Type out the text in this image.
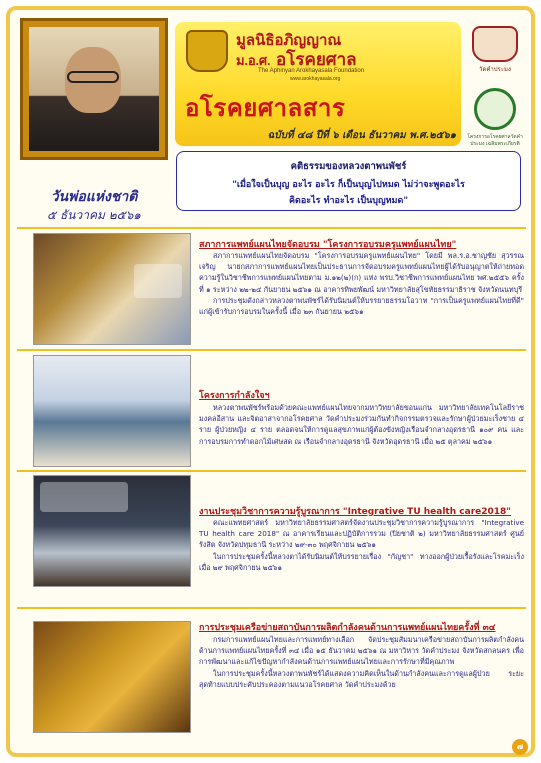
วันพ่อแห่งชาติ
๕ ธันวาคม ๒๕๖๑
มูลนิธิอภิญญาณ
ม.อ.ศ. อโรคยศาล
The Aphinyan Arokhayasala Foundation
www.arokhayasala.org
อโรคยศาลสาร
ฉบับที่ ๔๘ ปีที่ ๖ เดือน ธันวาคม พ.ศ.๒๕๖๑
วัดคำประมง
โครงการอโรคยศาลวัดคำประมง เฉลิมพระเกียรติ
คติธรรมของหลวงตาพนพัชร์
"เมื่อใจเป็นบุญ อะไร อะไร ก็เป็นบุญไปหมด ไม่ว่าจะพูดอะไร
คิดอะไร ทำอะไร เป็นบุญหมด"
สภาการแพทย์แผนไทยจัดอบรม "โครงการอบรมครูแพทย์แผนไทย"

สภาการแพทย์แผนไทยจัดอบรม "โครงการอบรมครูแพทย์แผนไทย" โดยมี พล.ร.อ.ชาญชัย สุวรรณเจริญ นายกสภาการแพทย์แผนไทยเป็นประธานการจัดอบรมครูแพทย์แผนไทยผู้ได้รับอนุญาตให้ถ่ายทอดความรู้ในวิชาชีพการแพทย์แผนไทยตาม ม.๑๒(๒)(ก) แห่ง พรบ.วิชาชีพการแพทย์แผนไทย พศ.๒๕๕๖ ครั้งที่ ๑ ระหว่าง ๒๒-๒๔ กันยายน ๒๕๖๑ ณ อาคารทิพยพัฒน์ มหาวิทยาลัยสุโขทัยธรรมาธิราช จังหวัดนนทบุรี

การประชุมดังกล่าวหลวงตาพนพัชร์ได้รับนิมนต์ให้บรรยายธรรมโอวาท "การเป็นครูแพทย์แผนไทยที่ดี" แก่ผู้เข้ารับการอบรมในครั้งนี้ เมื่อ ๒๓ กันยายน ๒๕๖๑

โครงการกำลังใจฯ

หลวงตาพนพัชร์พร้อมด้วยคณะแพทย์แผนไทยจากมหาวิทยาลัยขอนแก่น มหาวิทยาลัยเทคโนโลยีราชมงคลอีสาน และจิตอาสาจากอโรคยศาล วัดคำประมงร่วมกันทำกิจกรรมตรวจและรักษาผู้ป่วยมะเร็งชาย ๔ ราย ผู้ป่วยหญิง ๔ ราย ตลอดจนให้การดูแลสุขภาพแก่ผู้ต้องขังหญิงเรือนจำกลางอุดรธานี ๑๐๙ คน และการอบรมการทำดอกไม้เศษสด ณ เรือนจำกลางอุดรธานี จังหวัดอุดรธานี เมื่อ ๒๕ ตุลาคม ๒๕๖๑

งานประชุมวิชาการความรู้บูรณาการ "Integrative TU health care2018"

คณะแพทยศาสตร์ มหาวิทยาลัยธรรมศาสตร์จัดงานประชุมวิชาการความรู้บูรณาการ "Integrative TU health care 2018" ณ อาคารเรียนและปฏิบัติการรวม (ปิยชาติ ๒) มหาวิทยาลัยธรรมศาสตร์ ศูนย์รังสิต จังหวัดปทุมธานี ระหว่าง ๒๙-๓๐ พฤศจิกายน ๒๕๖๑

ในการประชุมครั้งนี้หลวงตาได้รับนิมนต์ให้บรรยายเรื่อง "กัญชา" ทางออกผู้ป่วยเรื้อรังและโรคมะเร็ง เมื่อ ๒๙ พฤศจิกายน ๒๕๖๑

การประชุมเครือข่ายสถาบันการผลิตกำลังคนด้านการแพทย์แผนไทยครั้งที่ ๓๔

กรมการแพทย์แผนไทยและการแพทย์ทางเลือก จัดประชุมสัมมนาเครือข่ายสถาบันการผลิตกำลังคนด้านการแพทย์แผนไทยครั้งที่ ๓๔ เมื่อ ๑๕ ธันวาคม ๒๕๖๑ ณ มหาวิหาร วัดคำประมง จังหวัดสกลนคร เพื่อการพัฒนาและแก้ไขปัญหากำลังคนด้านการแพทย์แผนไทยและการรักษาที่มีคุณภาพ

ในการประชุมครั้งนี้หลวงตาพนพัชร์ได้แสดงความคิดเห็นในด้านกำลังคนและการดูแลผู้ป่วย ระยะสุดท้ายแบบประคับประคองตามแนวอโรคยศาล วัดคำประมงด้วย

๗
